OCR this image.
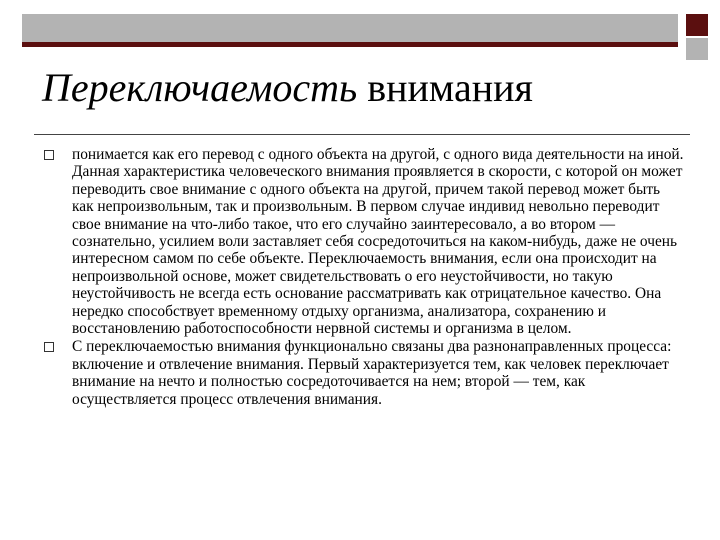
Переключаемость внимания
понимается как его перевод с одного объекта на другой, с одного вида деятельности на иной. Данная характеристика человеческого внимания проявляется в скорости, с которой он может переводить свое внимание с одного объекта на другой, причем такой перевод может быть как непроизвольным, так и произвольным. В первом случае индивид невольно переводит свое внимание на что-либо такое, что его случайно заинтересовало, а во втором — сознательно, усилием воли заставляет себя сосредоточиться на каком-нибудь, даже не очень интересном самом по себе объекте. Переключаемость внимания, если она происходит на непроизвольной основе, может свидетельствовать о его неустойчивости, но такую неустойчивость не всегда есть основание рассматривать как отрицательное качество. Она нередко способствует временному отдыху организма, анализатора, сохранению и восстановлению работоспособности нервной системы и организма в целом.
С переключаемостью внимания функционально связаны два разнонаправленных процесса: включение и отвлечение внимания. Первый характеризуется тем, как человек переключает внимание на нечто и полностью сосредоточивается на нем; второй — тем, как осуществляется процесс отвлечения внимания.
